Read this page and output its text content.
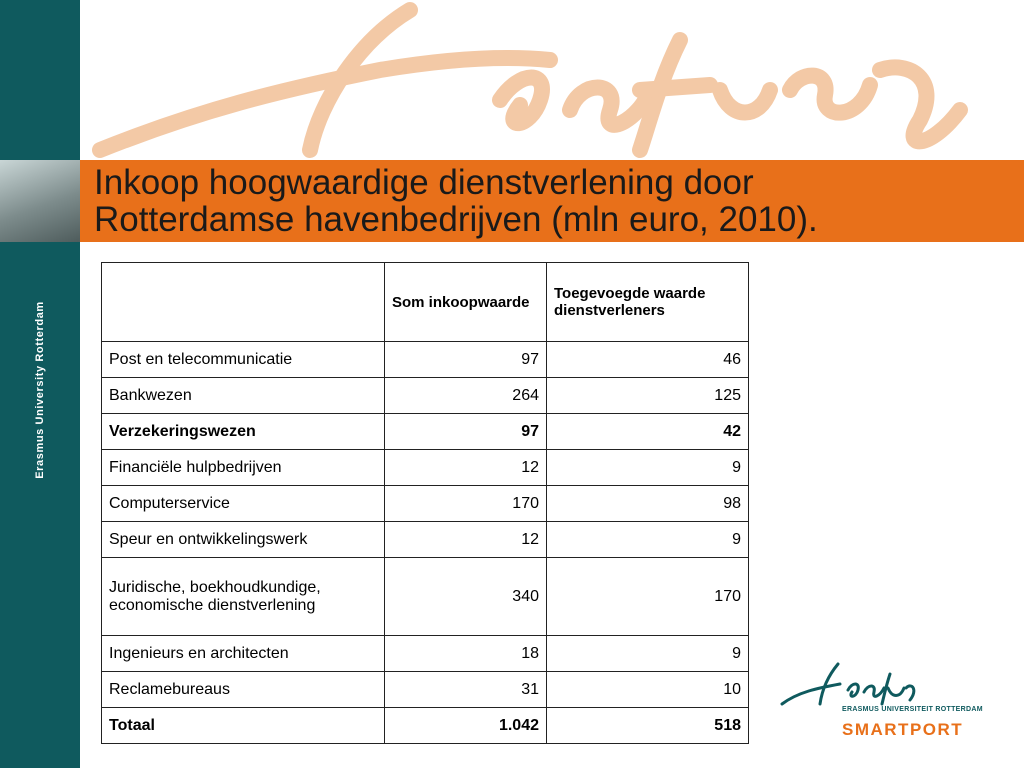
Erasmus University Rotterdam
Inkoop hoogwaardige dienstverlening door
Rotterdamse havenbedrijven (mln euro, 2010).
	Som inkoopwaarde	Toegevoegde waarde dienstverleners
Post en telecommunicatie	97	46
Bankwezen	264	125
Verzekeringswezen	97	42
Financiële hulpbedrijven	12	9
Computerservice	170	98
Speur en ontwikkelingswerk	12	9
Juridische, boekhoudkundige, economische dienstverlening	340	170
Ingenieurs en architecten	18	9
Reclamebureaus	31	10
Totaal	1.042	518
ERASMUS UNIVERSITEIT ROTTERDAM
SMARTPORT
